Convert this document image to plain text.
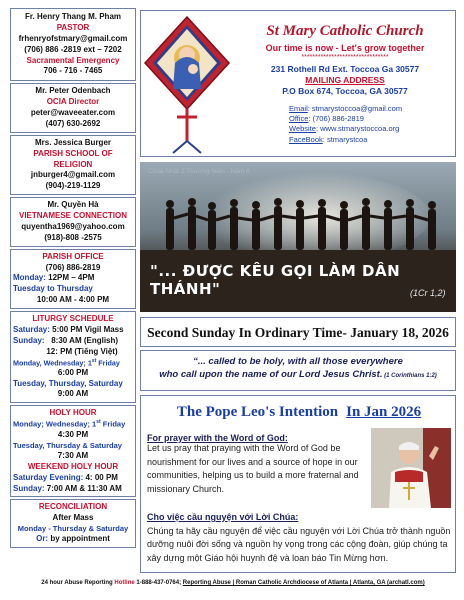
Fr. Henry Thang M. Pham
PASTOR
frhenryofstmary@gmail.com
(706) 886 -2819 ext – 7202
Sacramental Emergency
706 - 716 - 7465
Mr. Peter Odenbach
OCIA Director
peter@waveeater.com
(407) 630-2692
Mrs. Jessica Burger
PARISH SCHOOL OF RELIGION
jnburger4@gmail.com
(904)-219-1129
Mr. Quyền Hà
VIETNAMESE CONNECTION
quyentha1969@yahoo.com
(918)-808 -2575
PARISH OFFICE
(706) 886-2819
Monday: 12PM – 4PM
Tuesday to Thursday
10:00 AM - 4:00 PM
LITURGY SCHEDULE
Saturday: 5:00 PM Vigil Mass
Sunday: 8:30 AM (English)
12: PM (Tiếng Việt)
Monday, Wednesday; 1st Friday
6:00 PM
Tuesday, Thursday, Saturday
9:00 AM
HOLY HOUR
Monday; Wednesday; 1st Friday
4:30 PM
Tuesday, Thursday & Saturday
7:30 AM
WEEKEND HOLY HOUR
Saturday Evening: 4: 00 PM
Sunday: 7:00 AM & 11:30 AM
RECONCILIATION
After Mass
Monday - Thursday & Saturday
Or: by appointment
St Mary Catholic Church
Our time is now - Let's grow together
********************************
231 Rothell Rd Ext. Toccoa Ga 30577
MAILING ADDRESS
P.O Box 674, Toccoa, GA 30577
Email: stmarystoccoa@gmail.com
Office: (706) 886-2819
Website: www.stmarystoccoa.org
FaceBook: stmarystcoa
Chúa Nhật 2 Thường Niên - Năm A
"... ĐƯỢC KÊU GỌI LÀM DÂN THÁNH"	(1Cr 1,2)
Second Sunday In Ordinary Time- January 18, 2026
“... called to be holy, with all those everywhere
who call upon the name of our Lord Jesus Christ. (1 Corinthians 1:2)
The Pope Leo's Intention In Jan 2026
For prayer with the Word of God:
Let us pray that praying with the Word of God be nourishment for our lives and a source of hope in our communities, helping us to build a more fraternal and missionary Church.
Cho việc cầu nguyện với Lời Chúa:
Chúng ta hãy cầu nguyện để việc cầu nguyện với Lời Chúa trở thành nguồn dưỡng nuôi đời sống và nguồn hy vọng trong các cộng đoàn, giúp chúng ta xây dựng một Giáo hội huynh đệ và loan báo Tin Mừng hơn.
24 hour Abuse Reporting Hotline 1-888-437-0764; Reporting Abuse | Roman Catholic Archdiocese of Atlanta | Atlanta, GA (archatl.com)
